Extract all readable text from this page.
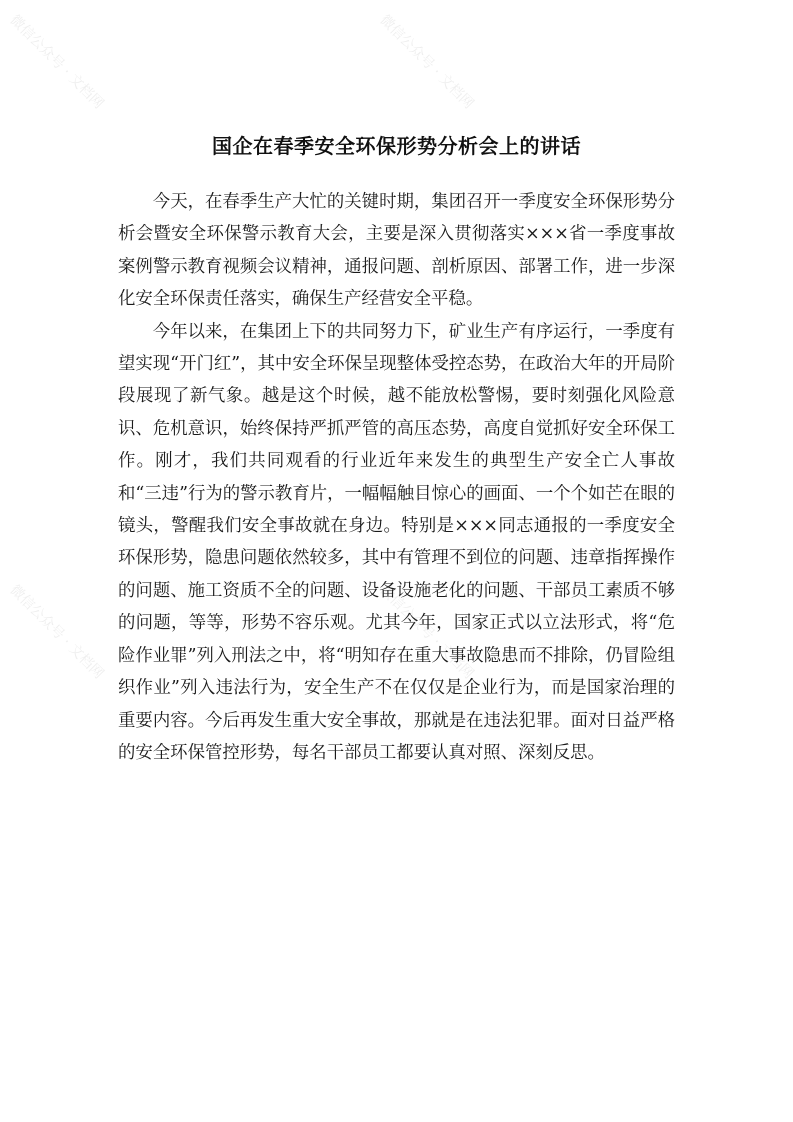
国企在春季安全环保形势分析会上的讲话

今天，在春季生产大忙的关键时期，集团召开一季度安全环保形势分析会暨安全环保警示教育大会，主要是深入贯彻落实×××省一季度事故案例警示教育视频会议精神，通报问题、剖析原因、部署工作，进一步深化安全环保责任落实，确保生产经营安全平稳。

今年以来，在集团上下的共同努力下，矿业生产有序运行，一季度有望实现“开门红”，其中安全环保呈现整体受控态势，在政治大年的开局阶段展现了新气象。越是这个时候，越不能放松警惕，要时刻强化风险意识、危机意识，始终保持严抓严管的高压态势，高度自觉抓好安全环保工作。刚才，我们共同观看的行业近年来发生的典型生产安全亡人事故和“三违”行为的警示教育片，一幅幅触目惊心的画面、一个个如芒在眼的镜头，警醒我们安全事故就在身边。特别是×××同志通报的一季度安全环保形势，隐患问题依然较多，其中有管理不到位的问题、违章指挥操作的问题、施工资质不全的问题、设备设施老化的问题、干部员工素质不够的问题，等等，形势不容乐观。尤其今年，国家正式以立法形式，将“危险作业罪”列入刑法之中，将“明知存在重大事故隐患而不排除，仍冒险组织作业”列入违法行为，安全生产不在仅仅是企业行为，而是国家治理的重要内容。今后再发生重大安全事故，那就是在违法犯罪。面对日益严格的安全环保管控形势，每名干部员工都要认真对照、深刻反思。

微信公众号 · 文档网	微信公众号 · 文档网
微信公众号 · 文档网	微信公众号 · 文档网
